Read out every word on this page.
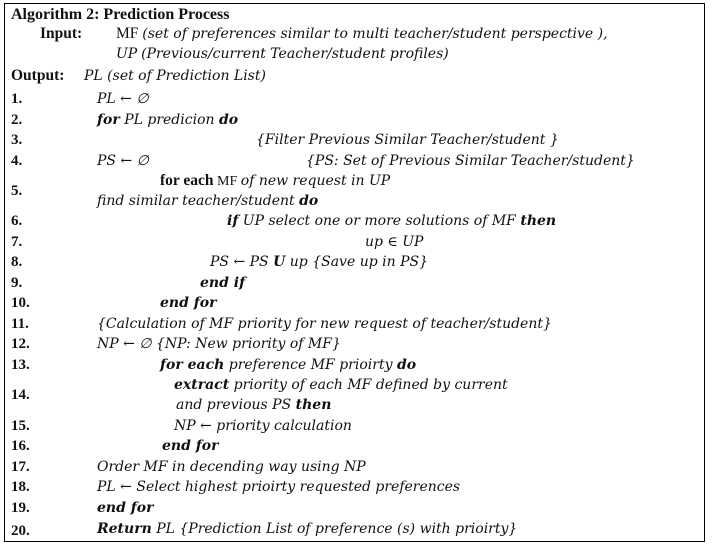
Algorithm 2: Prediction Process
Input: MF (set of preferences similar to multi teacher/student perspective ),
UP (Previous/current Teacher/student profiles)
Output: PL (set of Prediction List)
1.
2.
3.
4.
5.
6.
7.
8.
9.
10.
11.
12.
13.
14.
15.
16.
17.
18.
19.
20.
PL ← ∅
for PL predicion do
{Filter Previous Similar Teacher/student }
PS ← ∅	{PS: Set of Previous Similar Teacher/student}
for each MF of new request in UP
find similar teacher/student do
if UP select one or more solutions of MF then
up ∈ UP
PS ← PS U up {Save up in PS}
end if
end for
{Calculation of MF priority for new request of teacher/student}
NP ← ∅ {NP: New priority of MF}
for each preference MF prioirty do
extract priority of each MF defined by current
and previous PS then
NP ← priority calculation
end for
Order MF in decending way using NP
PL ← Select highest prioirty requested preferences
end for
Return PL {Prediction List of preference (s) with prioirty}
